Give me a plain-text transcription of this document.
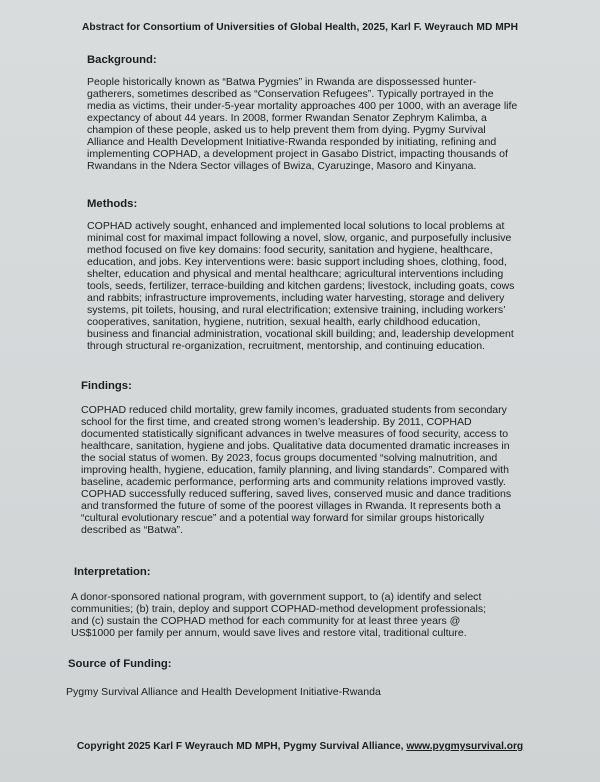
Abstract for Consortium of Universities of Global Health, 2025, Karl F. Weyrauch MD MPH
Background:
People historically known as “Batwa Pygmies” in Rwanda are dispossessed hunter-
gatherers, sometimes described as “Conservation Refugees”. Typically portrayed in the
media as victims, their under-5-year mortality approaches 400 per 1000, with an average life
expectancy of about 44 years. In 2008, former Rwandan Senator Zephrym Kalimba, a
champion of these people, asked us to help prevent them from dying. Pygmy Survival
Alliance and Health Development Initiative-Rwanda responded by initiating, refining and
implementing COPHAD, a development project in Gasabo District, impacting thousands of
Rwandans in the Ndera Sector villages of Bwiza, Cyaruzinge, Masoro and Kinyana.
Methods:
COPHAD actively sought, enhanced and implemented local solutions to local problems at
minimal cost for maximal impact following a novel, slow, organic, and purposefully inclusive
method focused on five key domains: food security, sanitation and hygiene, healthcare,
education, and jobs. Key interventions were: basic support including shoes, clothing, food,
shelter, education and physical and mental healthcare; agricultural interventions including
tools, seeds, fertilizer, terrace-building and kitchen gardens; livestock, including goats, cows
and rabbits; infrastructure improvements, including water harvesting, storage and delivery
systems, pit toilets, housing, and rural electrification; extensive training, including workers’
cooperatives, sanitation, hygiene, nutrition, sexual health, early childhood education,
business and financial administration, vocational skill building; and, leadership development
through structural re-organization, recruitment, mentorship, and continuing education.
Findings:
COPHAD reduced child mortality, grew family incomes, graduated students from secondary
school for the first time, and created strong women’s leadership. By 2011, COPHAD
documented statistically significant advances in twelve measures of food security, access to
healthcare, sanitation, hygiene and jobs. Qualitative data documented dramatic increases in
the social status of women. By 2023, focus groups documented “solving malnutrition, and
improving health, hygiene, education, family planning, and living standards”. Compared with
baseline, academic performance, performing arts and community relations improved vastly.
COPHAD successfully reduced suffering, saved lives, conserved music and dance traditions
and transformed the future of some of the poorest villages in Rwanda. It represents both a
“cultural evolutionary rescue” and a potential way forward for similar groups historically
described as “Batwa”.
Interpretation:
A donor-sponsored national program, with government support, to (a) identify and select
communities; (b) train, deploy and support COPHAD-method development professionals;
and (c) sustain the COPHAD method for each community for at least three years @
US$1000 per family per annum, would save lives and restore vital, traditional culture.
Source of Funding:
Pygmy Survival Alliance and Health Development Initiative-Rwanda
Copyright 2025 Karl F Weyrauch MD MPH, Pygmy Survival Alliance, www.pygmysurvival.org
